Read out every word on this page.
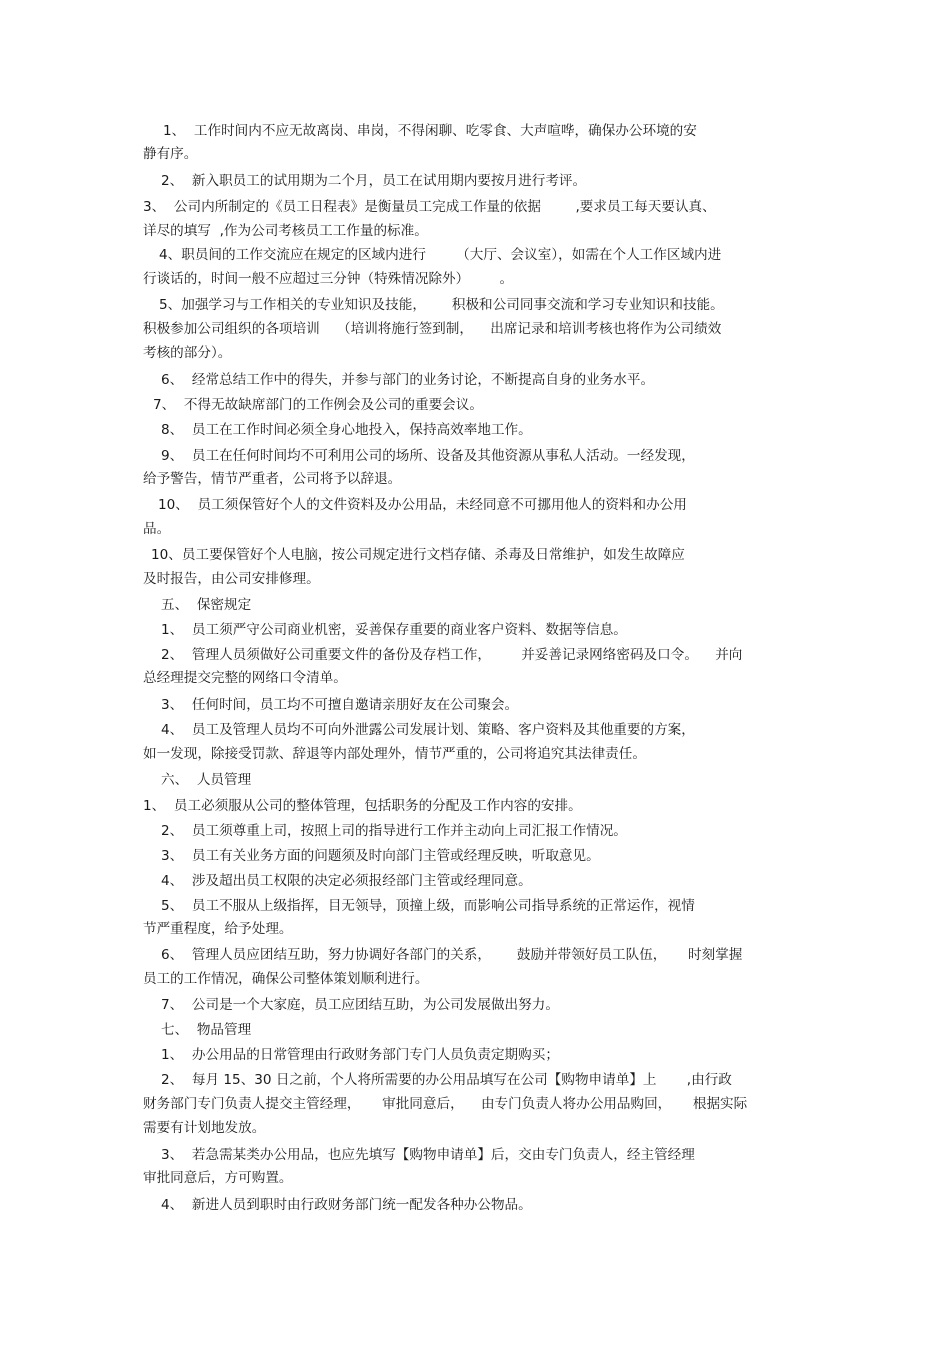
1、  工作时间内不应无故离岗、串岗，不得闲聊、吃零食、大声喧哗，确保办公环境的安

静有序。

2、  新入职员工的试用期为二个月，员工在试用期内要按月进行考评。

3、  公司内所制定的《员工日程表》是衡量员工完成工作量的依据        ,要求员工每天要认真、

详尽的填写  ,作为公司考核员工工作量的标准。

4、职员间的工作交流应在规定的区域内进行       （大厅、会议室），如需在个人工作区域内进

行谈话的，时间一般不应超过三分钟（特殊情况除外）       。

5、加强学习与工作相关的专业知识及技能，      积极和公司同事交流和学习专业知识和技能。

积极参加公司组织的各项培训    （培训将施行签到制，    出席记录和培训考核也将作为公司绩效

考核的部分）。

6、  经常总结工作中的得失，并参与部门的业务讨论，不断提高自身的业务水平。

7、  不得无故缺席部门的工作例会及公司的重要会议。

8、  员工在工作时间必须全身心地投入，保持高效率地工作。

9、  员工在任何时间均不可利用公司的场所、设备及其他资源从事私人活动。一经发现，

给予警告，情节严重者，公司将予以辞退。

10、  员工须保管好个人的文件资料及办公用品，未经同意不可挪用他人的资料和办公用

品。

10、员工要保管好个人电脑，按公司规定进行文档存储、杀毒及日常维护，如发生故障应

及时报告，由公司安排修理。

五、  保密规定

1、  员工须严守公司商业机密，妥善保存重要的商业客户资料、数据等信息。

2、  管理人员须做好公司重要文件的备份及存档工作，       并妥善记录网络密码及口令。    并向

总经理提交完整的网络口令清单。

3、  任何时间，员工均不可擅自邀请亲朋好友在公司聚会。

4、  员工及管理人员均不可向外泄露公司发展计划、策略、客户资料及其他重要的方案，

如一发现，除接受罚款、辞退等内部处理外，情节严重的，公司将追究其法律责任。

六、  人员管理

1、  员工必须服从公司的整体管理，包括职务的分配及工作内容的安排。

2、  员工须尊重上司，按照上司的指导进行工作并主动向上司汇报工作情况。

3、  员工有关业务方面的问题须及时向部门主管或经理反映，听取意见。

4、  涉及超出员工权限的决定必须报经部门主管或经理同意。

5、  员工不服从上级指挥，目无领导，顶撞上级，而影响公司指导系统的正常运作，视情

节严重程度，给予处理。

6、  管理人员应团结互助，努力协调好各部门的关系，      鼓励并带领好员工队伍，     时刻掌握

员工的工作情况，确保公司整体策划顺利进行。

7、  公司是一个大家庭，员工应团结互助，为公司发展做出努力。

七、  物品管理

1、  办公用品的日常管理由行政财务部门专门人员负责定期购买；

2、  每月 15、30 日之前，个人将所需要的办公用品填写在公司【购物申请单】上       ,由行政

财务部门专门负责人提交主管经理，     审批同意后，    由专门负责人将办公用品购回，     根据实际

需要有计划地发放。

3、  若急需某类办公用品，也应先填写【购物申请单】后，交由专门负责人，经主管经理

审批同意后，方可购置。

4、  新进人员到职时由行政财务部门统一配发各种办公物品。
